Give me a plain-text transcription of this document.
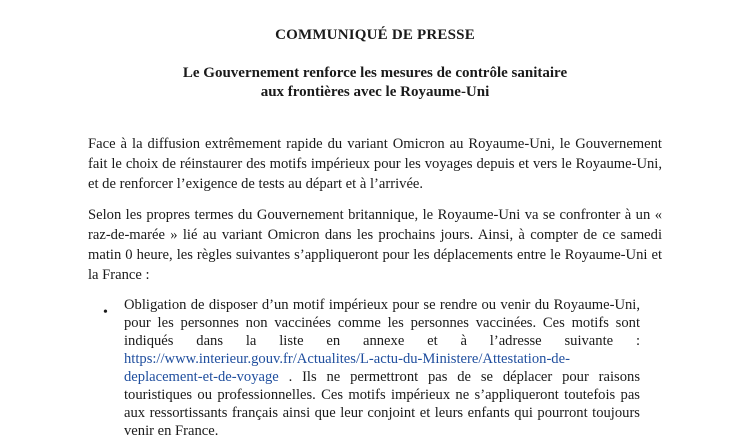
COMMUNIQUÉ DE PRESSE
Le Gouvernement renforce les mesures de contrôle sanitaire
aux frontières avec le Royaume-Uni

Face à la diffusion extrêmement rapide du variant Omicron au Royaume-Uni, le Gouvernement fait le choix de réinstaurer des motifs impérieux pour les voyages depuis et vers le Royaume-Uni, et de renforcer l’exigence de tests au départ et à l’arrivée.

Selon les propres termes du Gouvernement britannique, le Royaume-Uni va se confronter à un « raz-de-marée » lié au variant Omicron dans les prochains jours. Ainsi, à compter de ce samedi matin 0 heure, les règles suivantes s’appliqueront pour les déplacements entre le Royaume-Uni et la France :

• Obligation de disposer d’un motif impérieux pour se rendre ou venir du Royaume-Uni, pour les personnes non vaccinées comme les personnes vaccinées. Ces motifs sont indiqués dans la liste en annexe et à l’adresse suivante : https://www.interieur.gouv.fr/Actualites/L-actu-du-Ministere/Attestation-de-deplacement-et-de-voyage . Ils ne permettront pas de se déplacer pour raisons touristiques ou professionnelles. Ces motifs impérieux ne s’appliqueront toutefois pas aux ressortissants français ainsi que leur conjoint et leurs enfants qui pourront toujours venir en France.
